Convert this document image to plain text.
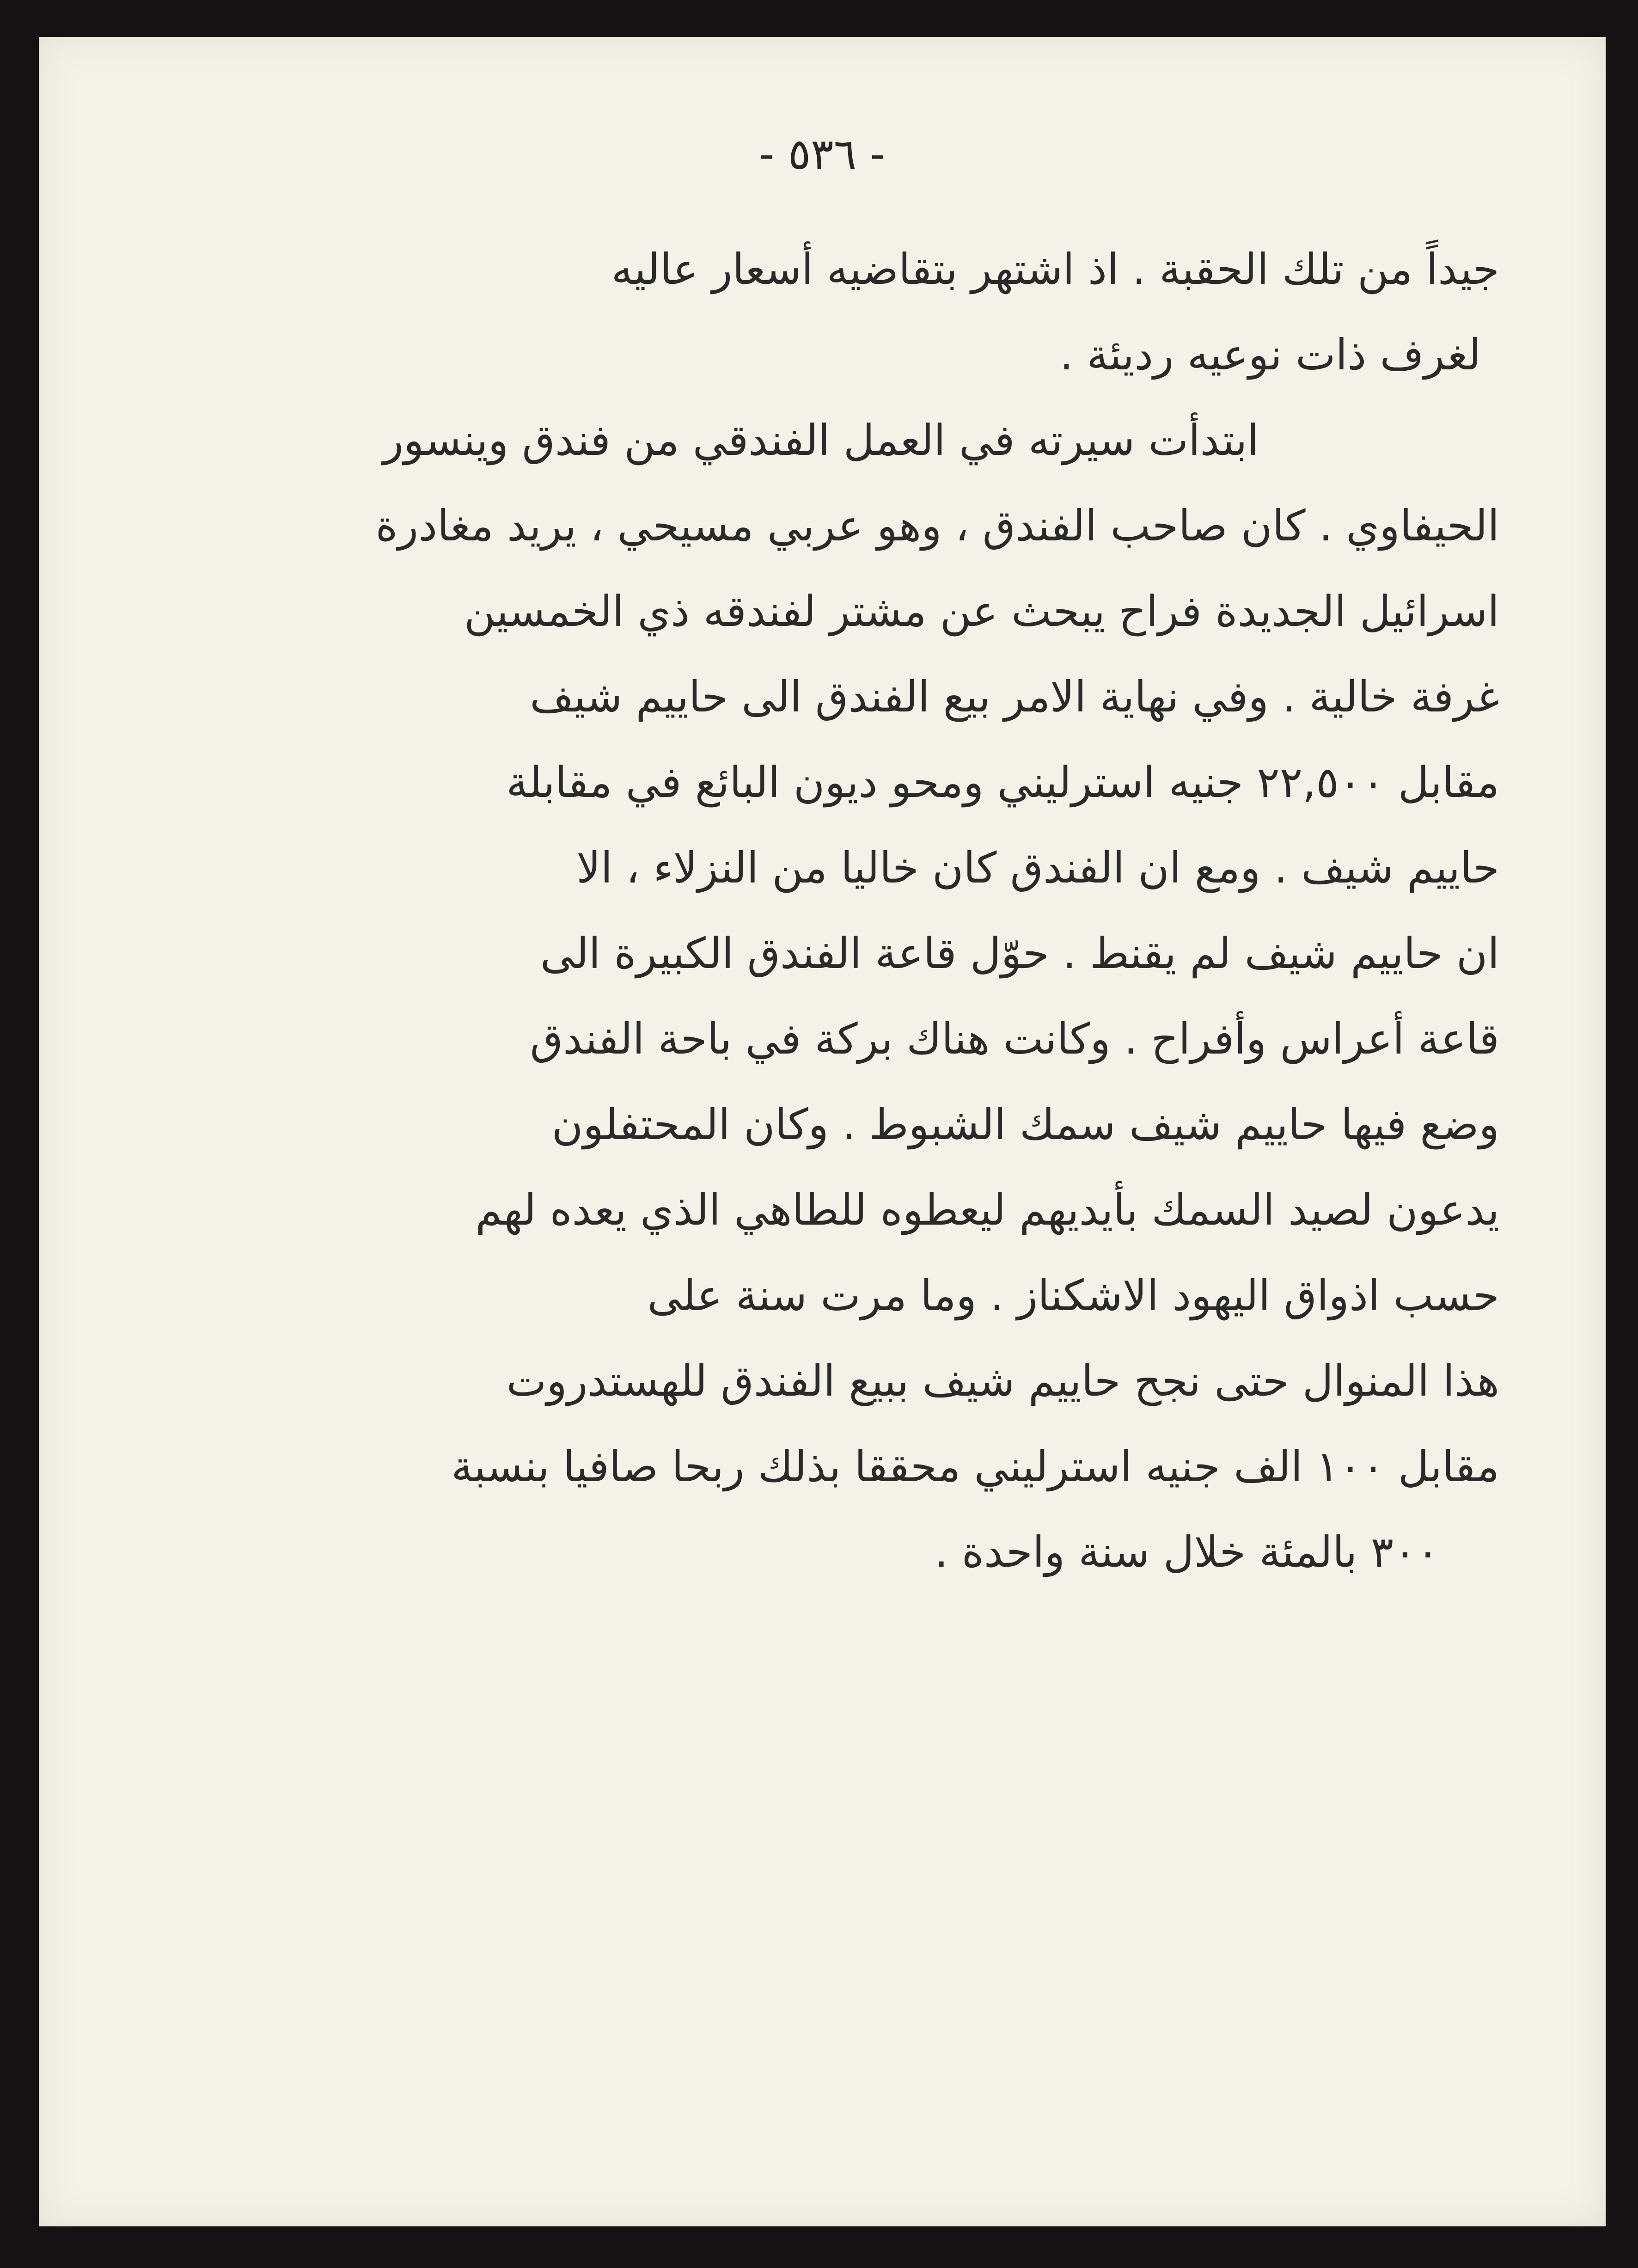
- ٥٣٦ -
جيداً من تلك الحقبة . اذ اشتهر بتقاضيه أسعار عاليه
لغرف ذات نوعيه رديئة .
ابتدأت سيرته في العمل الفندقي من فندق وينسور
الحيفاوي . كان صاحب الفندق ، وهو عربي مسيحي ، يريد مغادرة
اسرائيل الجديدة فراح يبحث عن مشتر لفندقه ذي الخمسين
غرفة خالية . وفي نهاية الامر بيع الفندق الى حاييم شيف
مقابل ٢٢,٥٠٠ جنيه استرليني ومحو ديون البائع في مقابلة
حاييم شيف . ومع ان الفندق كان خاليا من النزلاء ، الا
ان حاييم شيف لم يقنط . حوّل قاعة الفندق الكبيرة الى
قاعة أعراس وأفراح . وكانت هناك بركة في باحة الفندق
وضع فيها حاييم شيف سمك الشبوط . وكان المحتفلون
يدعون لصيد السمك بأيديهم ليعطوه للطاهي الذي يعده لهم
حسب اذواق اليهود الاشكناز . وما مرت سنة على
هذا المنوال حتى نجح حاييم شيف ببيع الفندق للهستدروت
مقابل ١٠٠ الف جنيه استرليني محققا بذلك ربحا صافيا بنسبة
٣٠٠ بالمئة خلال سنة واحدة .
